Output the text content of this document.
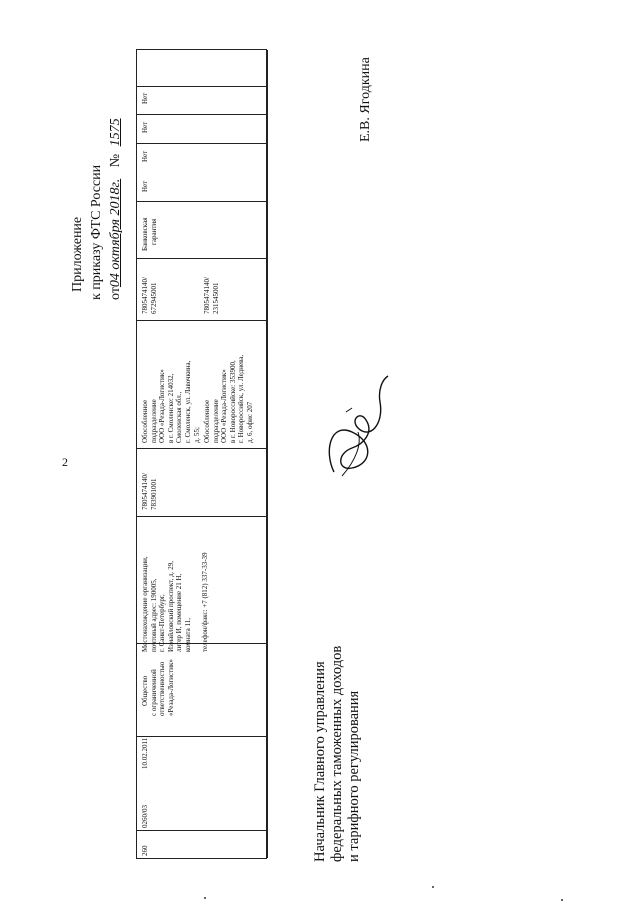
2
Приложение к приказу ФТС России от04 октября 2018г. № 1575
260
0260/03
10.02.2011
Общество с ограниченной ответственностью «Резада-Логистик»
Местонахождение организации, почтовый адрес: 190005, г. Санкт-Петербург, Измайловский проспект, д. 29, литер И, помещение 21 Н, комната 11, телефон/факс: +7 (812) 337-33-39
7805474140/ 783901001
Обособленное подразделение ООО «Резада-Логистик» в г. Смоленске: 214032, Смоленская обл., г. Смоленск, ул. Лавочкина, д. 55; Обособленное подразделение ООО «Резада-Логистик» в г. Новороссийске: 353900, г. Новороссийск, ул. Леднева, д. 6, офис 207
7805474140/ 672945001	7805474140/ 231545001
Банковская гарантия
Нет
Нет
Нет
Нет
Начальник Главного управления федеральных таможенных доходов и тарифного регулирования
Е.В. Ягодкина
